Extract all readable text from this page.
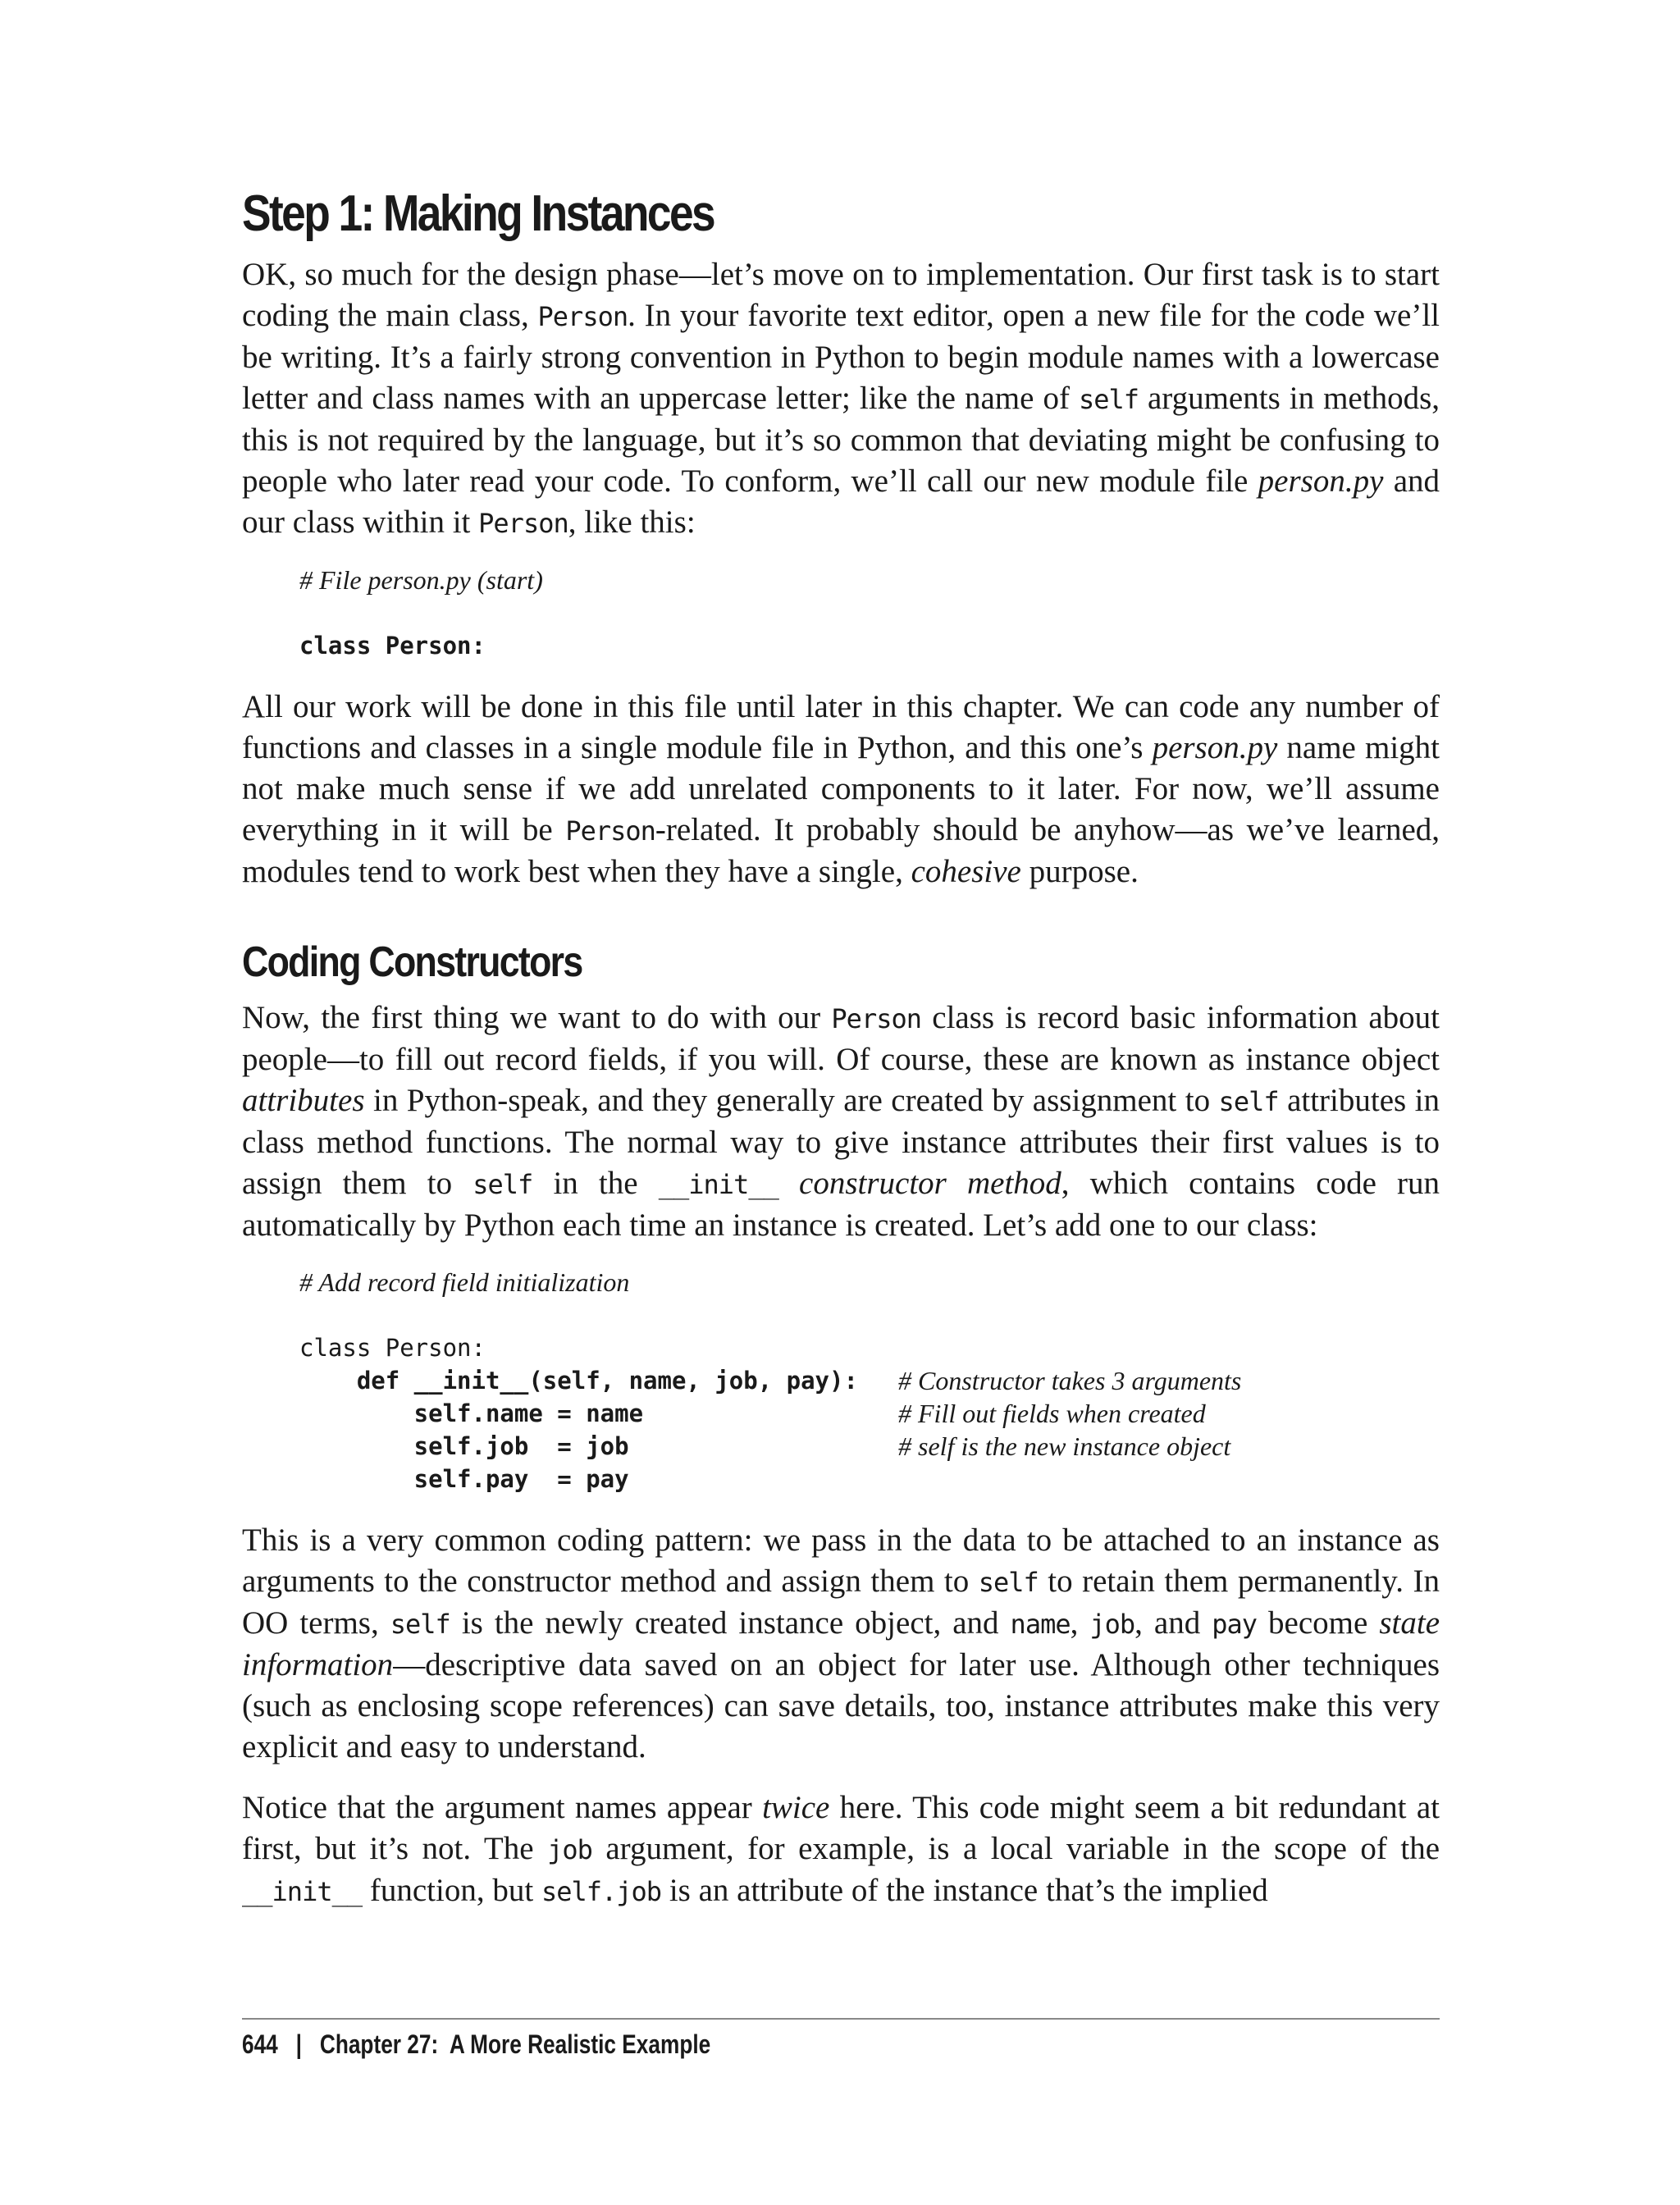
Step 1: Making Instances

OK, so much for the design phase—let’s move on to implementation. Our first task is to start coding the main class, Person. In your favorite text editor, open a new file for the code we’ll be writing. It’s a fairly strong convention in Python to begin module names with a lowercase letter and class names with an uppercase letter; like the name of self arguments in methods, this is not required by the language, but it’s so common that deviating might be confusing to people who later read your code. To conform, we’ll call our new module file person.py and our class within it Person, like this:

# File person.py (start)
class Person:

All our work will be done in this file until later in this chapter. We can code any number of functions and classes in a single module file in Python, and this one’s person.py name might not make much sense if we add unrelated components to it later. For now, we’ll assume everything in it will be Person-related. It probably should be anyhow—as we’ve learned, modules tend to work best when they have a single, cohesive purpose.

Coding Constructors

Now, the first thing we want to do with our Person class is record basic information about people—to fill out record fields, if you will. Of course, these are known as instance object attributes in Python-speak, and they generally are created by assignment to self attributes in class method functions. The normal way to give instance attributes their first values is to assign them to self in the __init__ constructor method, which contains code run automatically by Python each time an instance is created. Let’s add one to our class:

# Add record field initialization
class Person:
def __init__(self, name, job, pay): # Constructor takes 3 arguments
self.name = name	# Fill out fields when created
self.job  = job	# self is the new instance object
self.pay  = pay

This is a very common coding pattern: we pass in the data to be attached to an instance as arguments to the constructor method and assign them to self to retain them permanently. In OO terms, self is the newly created instance object, and name, job, and pay become state information—descriptive data saved on an object for later use. Although other techniques (such as enclosing scope references) can save details, too, instance attributes make this very explicit and easy to understand.

Notice that the argument names appear twice here. This code might seem a bit redundant at first, but it’s not. The job argument, for example, is a local variable in the scope of the __init__ function, but self.job is an attribute of the instance that’s the implied

644 | Chapter 27:  A More Realistic Example
